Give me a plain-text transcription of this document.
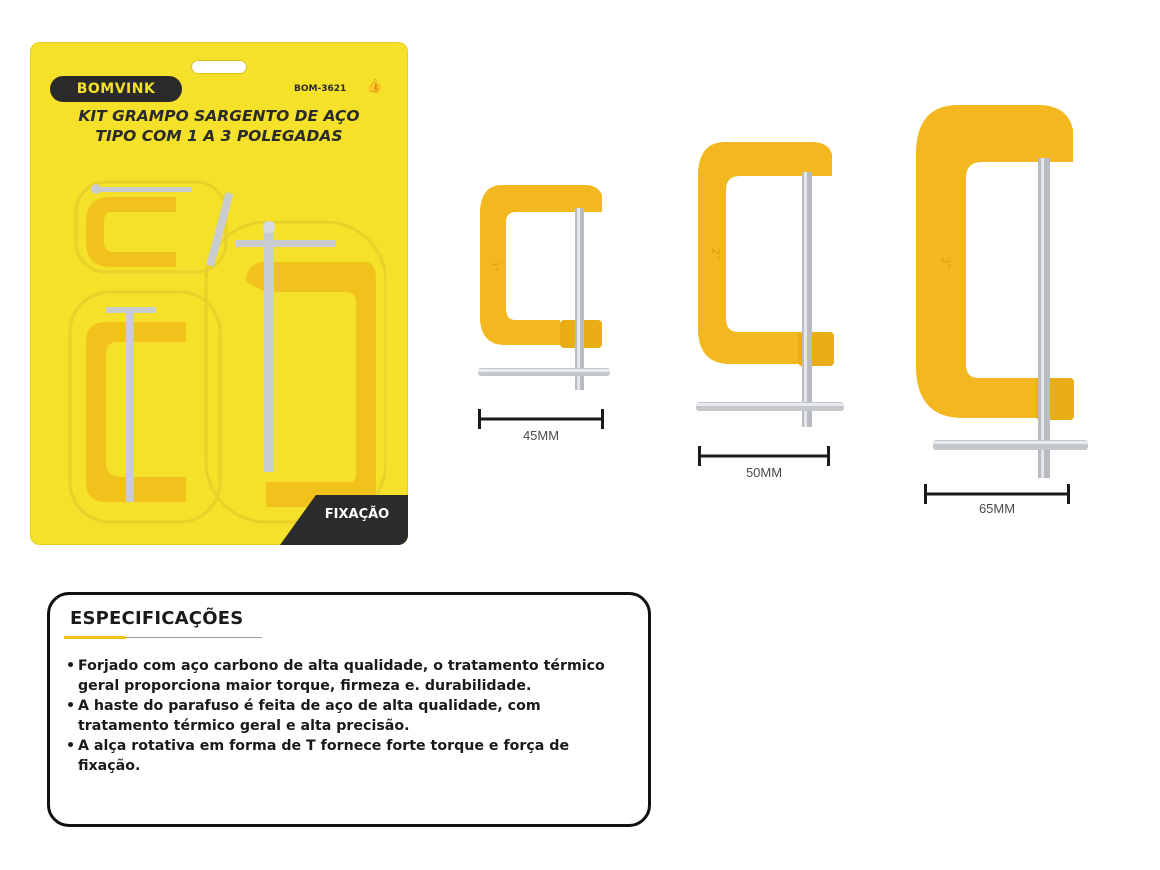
BOMVINK	BOM-3621 👍
KIT GRAMPO SARGENTO DE AÇO
TIPO COM 1 A 3 POLEGADAS
FIXAÇÃO
1"
2"
3"
45MM
50MM
65MM
ESPECIFICAÇÕES
• Forjado com aço carbono de alta qualidade, o tratamento térmico geral proporciona maior torque, firmeza e. durabilidade.
• A haste do parafuso é feita de aço de alta qualidade, com tratamento térmico geral e alta precisão.
• A alça rotativa em forma de T fornece forte torque e força de fixação.
